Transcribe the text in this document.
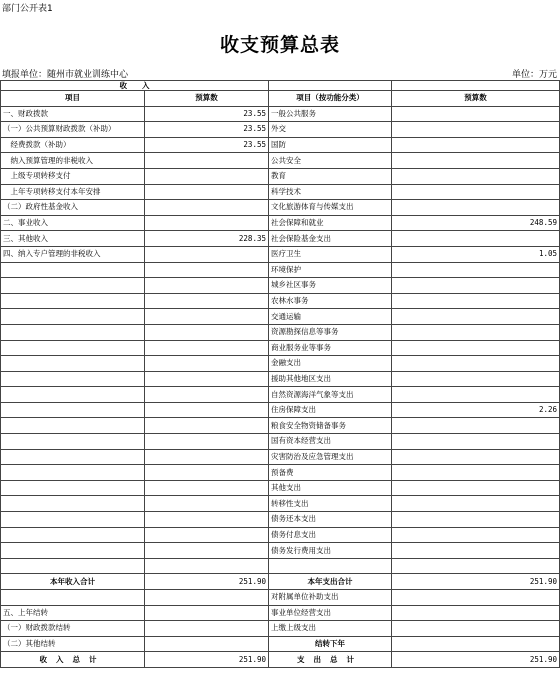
部门公开表1
收支预算总表
填报单位：随州市就业训练中心	单位：万元
收　　入			
项目	预算数	项目（按功能分类）	预算数
一、财政拨款	23.55	一般公共服务	
（一）公共预算财政拨款（补助）	23.55	外交	
　经费拨款（补助）	23.55	国防	
　纳入预算管理的非税收入		公共安全	
　上级专项转移支付		教育	
　上年专项转移支付本年安排		科学技术	
（二）政府性基金收入		文化旅游体育与传媒支出	
二、事业收入		社会保障和就业	248.59
三、其他收入	228.35	社会保险基金支出	
四、纳入专户管理的非税收入		医疗卫生	1.05
		环境保护	
		城乡社区事务	
		农林水事务	
		交通运输	
		资源勘探信息等事务	
		商业服务业等事务	
		金融支出	
		援助其他地区支出	
		自然资源海洋气象等支出	
		住房保障支出	2.26
		粮食安全物资储备事务	
		国有资本经营支出	
		灾害防治及应急管理支出	
		预备费	
		其他支出	
		转移性支出	
		债务还本支出	
		债务付息支出	
		债务发行费用支出	

本年收入合计	251.90	本年支出合计	251.90
		对附属单位补助支出	
五、上年结转		事业单位经营支出	
（一）财政拨款结转		上缴上级支出	
（二）其他结转		结转下年	
收入总计	251.90	支出总计	251.90
